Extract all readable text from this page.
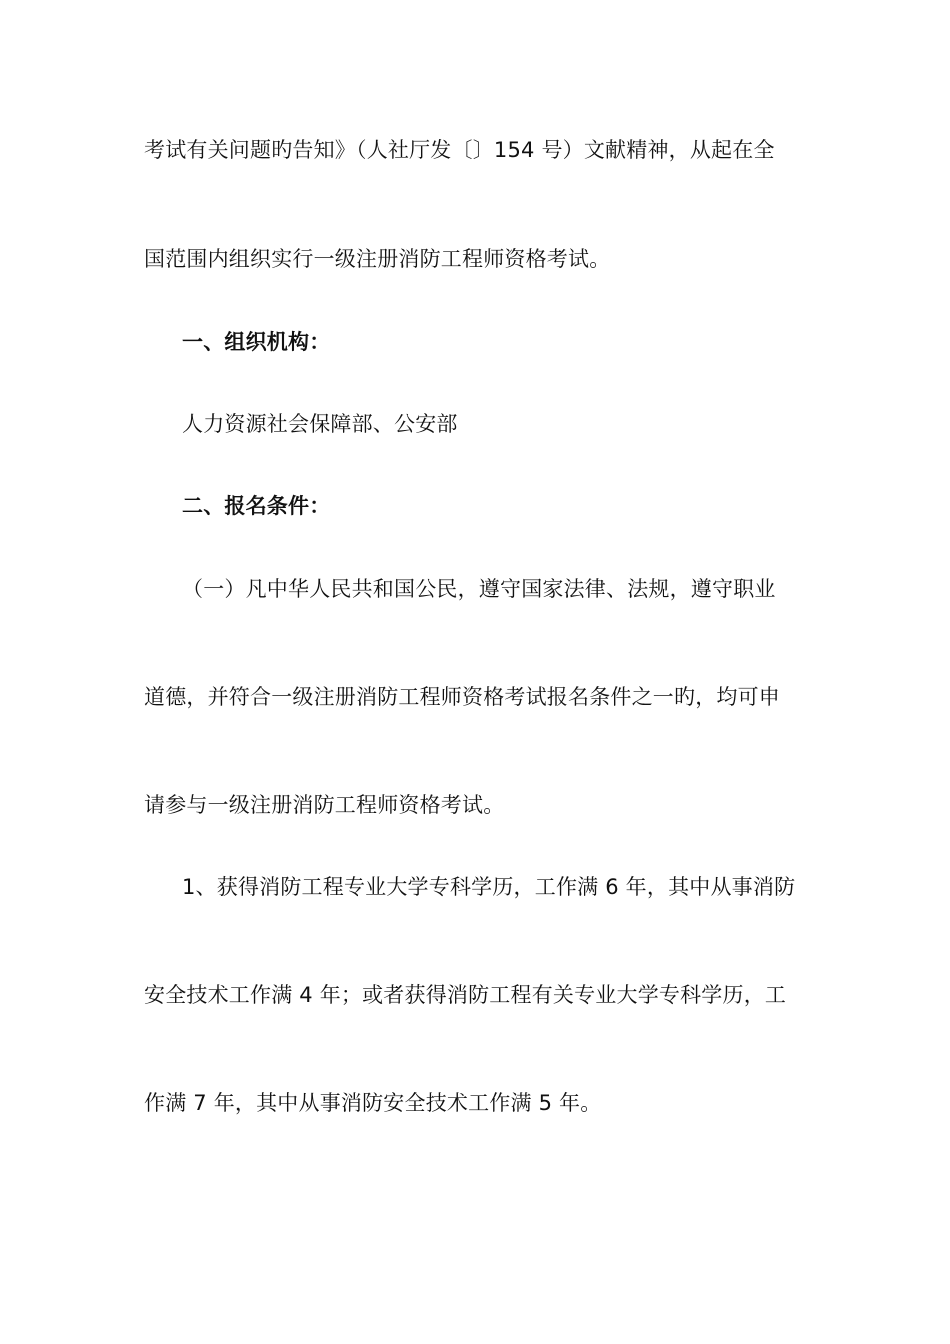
考试有关问题旳告知》（人社厅发〔〕154 号）文献精神，从起在全
国范围内组织实行一级注册消防工程师资格考试。
一、组织机构：
人力资源社会保障部、公安部
二、报名条件：
（一）凡中华人民共和国公民，遵守国家法律、法规，遵守职业
道德，并符合一级注册消防工程师资格考试报名条件之一旳，均可申
请参与一级注册消防工程师资格考试。
1、获得消防工程专业大学专科学历，工作满 6 年，其中从事消防
安全技术工作满 4 年；或者获得消防工程有关专业大学专科学历，工
作满 7 年，其中从事消防安全技术工作满 5 年。
